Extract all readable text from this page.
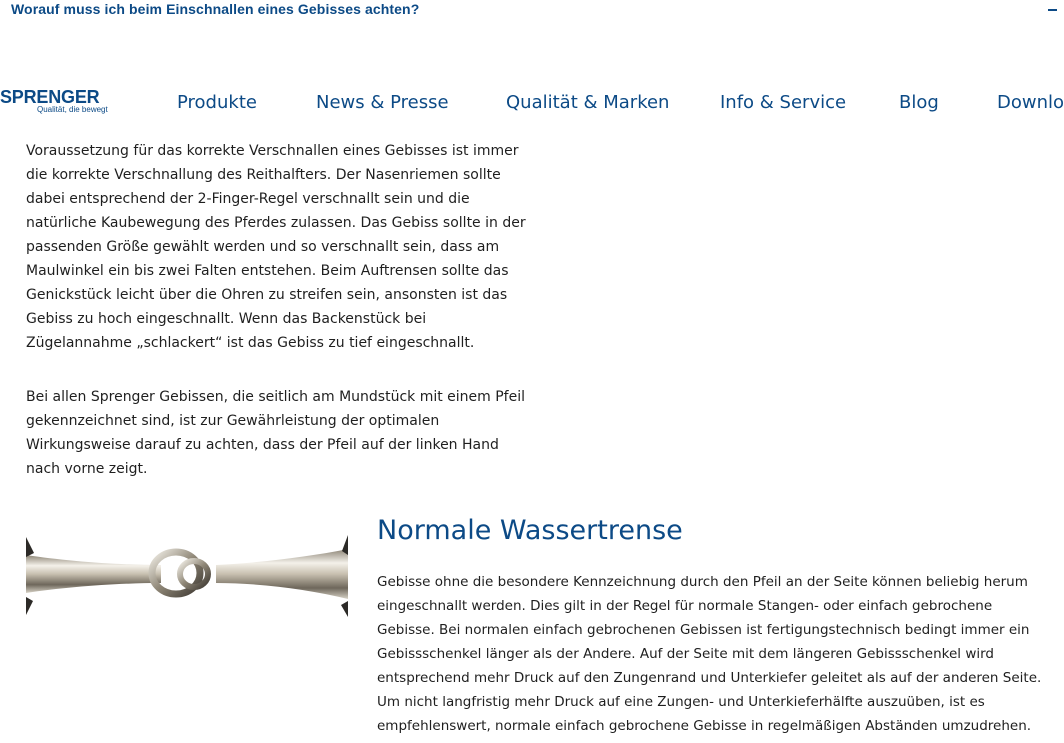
Worauf muss ich beim Einschnallen eines Gebisses achten?
SPRENGER
Qualität, die bewegt	Produkte	News & Presse	Qualität & Marken	Info & Service	Blog	Downlo

Voraussetzung für das korrekte Verschnallen eines Gebisses ist immer die korrekte Verschnallung des Reithalfters. Der Nasenriemen sollte dabei entsprechend der 2-Finger-Regel verschnallt sein und die natürliche Kaubewegung des Pferdes zulassen. Das Gebiss sollte in der passenden Größe gewählt werden und so verschnallt sein, dass am Maulwinkel ein bis zwei Falten entstehen. Beim Auftrensen sollte das Genickstück leicht über die Ohren zu streifen sein, ansonsten ist das Gebiss zu hoch eingeschnallt. Wenn das Backenstück bei Zügelannahme „schlackert“ ist das Gebiss zu tief eingeschnallt.

Bei allen Sprenger Gebissen, die seitlich am Mundstück mit einem Pfeil gekennzeichnet sind, ist zur Gewährleistung der optimalen Wirkungsweise darauf zu achten, dass der Pfeil auf der linken Hand nach vorne zeigt.

Normale Wassertrense

Gebisse ohne die besondere Kennzeichnung durch den Pfeil an der Seite können beliebig herum eingeschnallt werden. Dies gilt in der Regel für normale Stangen- oder einfach gebrochene Gebisse. Bei normalen einfach gebrochenen Gebissen ist fertigungstechnisch bedingt immer ein Gebissschenkel länger als der Andere. Auf der Seite mit dem längeren Gebissschenkel wird entsprechend mehr Druck auf den Zungenrand und Unterkiefer geleitet als auf der anderen Seite. Um nicht langfristig mehr Druck auf eine Zungen- und Unterkieferhälfte auszuüben, ist es empfehlenswert, normale einfach gebrochene Gebisse in regelmäßigen Abständen umzudrehen.
